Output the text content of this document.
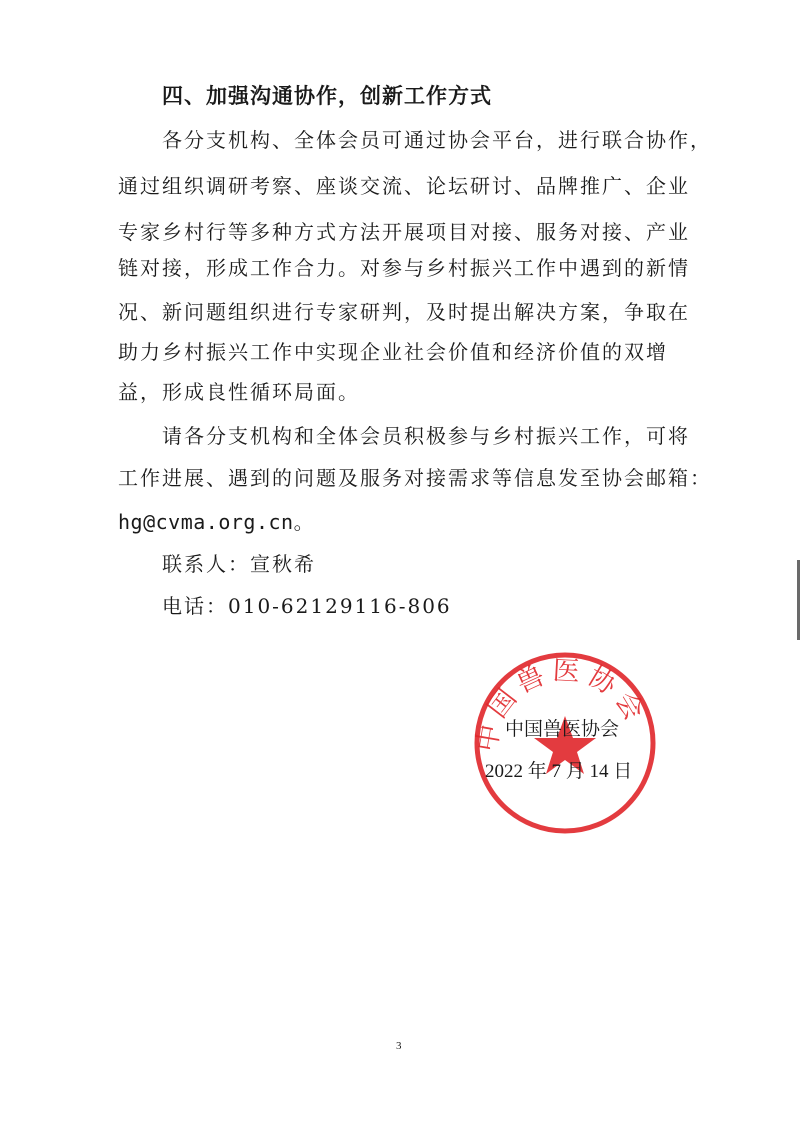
四、加强沟通协作，创新工作方式
各分支机构、全体会员可通过协会平台，进行联合协作，
通过组织调研考察、座谈交流、论坛研讨、品牌推广、企业
专家乡村行等多种方式方法开展项目对接、服务对接、产业
链对接，形成工作合力。对参与乡村振兴工作中遇到的新情
况、新问题组织进行专家研判，及时提出解决方案，争取在
助力乡村振兴工作中实现企业社会价值和经济价值的双增
益，形成良性循环局面。
请各分支机构和全体会员积极参与乡村振兴工作，可将
工作进展、遇到的问题及服务对接需求等信息发至协会邮箱：
hg@cvma.org.cn。
联系人：宣秋希
电话：010-62129116-806
中国兽医协会
中国兽医协会
2022 年 7 月 14 日
3
